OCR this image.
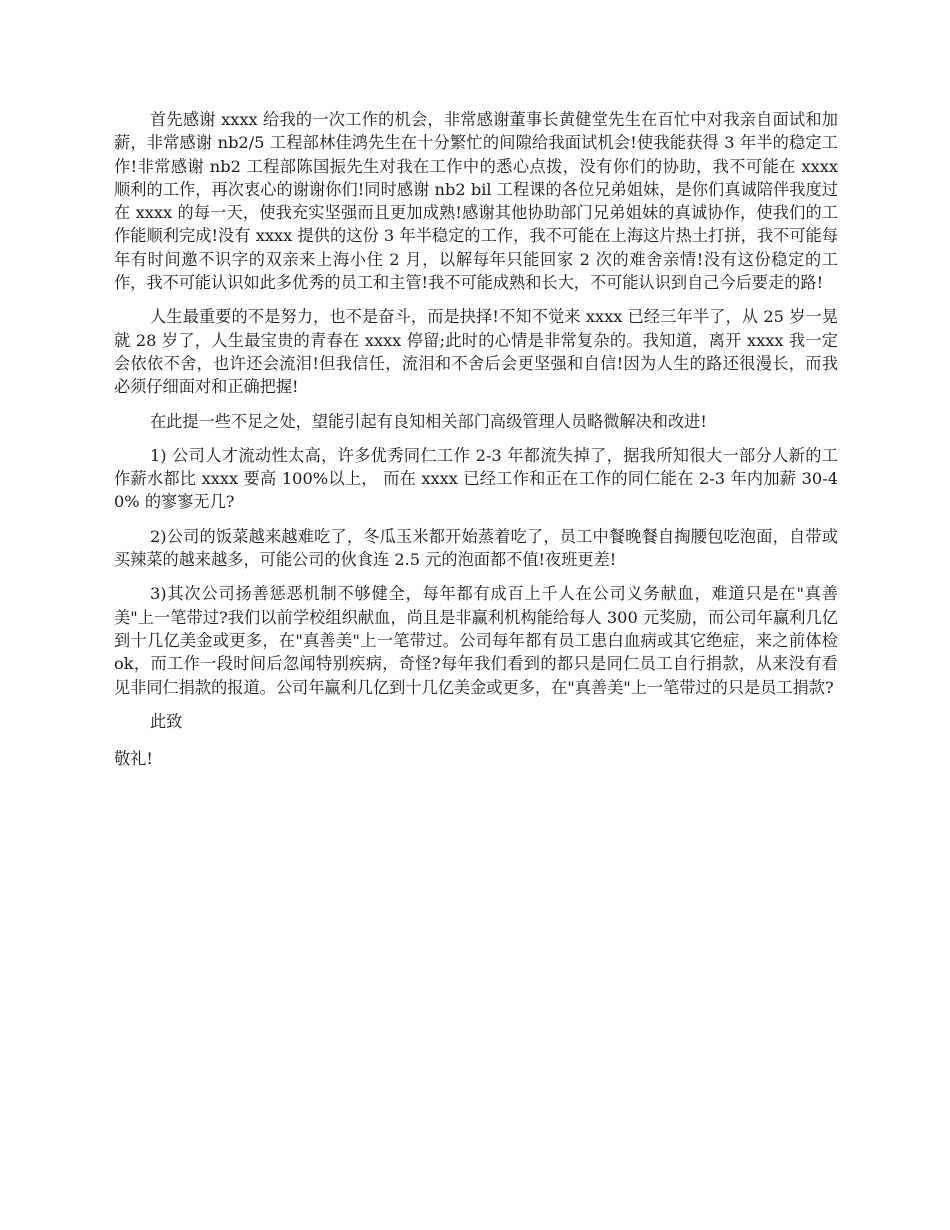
首先感谢 xxxx 给我的一次工作的机会，非常感谢董事长黄健堂先生在百忙中对我亲自面试和加薪，非常感谢 nb2/5 工程部林佳鸿先生在十分繁忙的间隙给我面试机会!使我能获得 3 年半的稳定工作!非常感谢 nb2 工程部陈国振先生对我在工作中的悉心点拨，没有你们的协助，我不可能在 xxxx 顺利的工作，再次衷心的谢谢你们!同时感谢 nb2 bil 工程课的各位兄弟姐妹，是你们真诚陪伴我度过在 xxxx 的每一天，使我充实坚强而且更加成熟!感谢其他协助部门兄弟姐妹的真诚协作，使我们的工作能顺利完成!没有 xxxx 提供的这份 3 年半稳定的工作，我不可能在上海这片热土打拼，我不可能每年有时间邀不识字的双亲来上海小住 2 月，以解每年只能回家 2 次的难舍亲情!没有这份稳定的工作，我不可能认识如此多优秀的员工和主管!我不可能成熟和长大，不可能认识到自己今后要走的路!

人生最重要的不是努力，也不是奋斗，而是抉择!不知不觉来 xxxx 已经三年半了，从 25 岁一晃就 28 岁了，人生最宝贵的青春在 xxxx 停留;此时的心情是非常复杂的。我知道，离开 xxxx 我一定会依依不舍，也许还会流泪!但我信任，流泪和不舍后会更坚强和自信!因为人生的路还很漫长，而我必须仔细面对和正确把握!

在此提一些不足之处，望能引起有良知相关部门高级管理人员略微解决和改进!

1) 公司人才流动性太高，许多优秀同仁工作 2-3 年都流失掉了，据我所知很大一部分人新的工作薪水都比 xxxx 要高 100%以上， 而在 xxxx 已经工作和正在工作的同仁能在 2-3 年内加薪 30-40% 的寥寥无几?

2)公司的饭菜越来越难吃了，冬瓜玉米都开始蒸着吃了，员工中餐晚餐自掏腰包吃泡面，自带或买辣菜的越来越多，可能公司的伙食连 2.5 元的泡面都不值!夜班更差!

3)其次公司扬善惩恶机制不够健全，每年都有成百上千人在公司义务献血，难道只是在"真善美"上一笔带过?我们以前学校组织献血，尚且是非赢利机构能给每人 300 元奖励，而公司年赢利几亿到十几亿美金或更多，在"真善美"上一笔带过。公司每年都有员工患白血病或其它绝症，来之前体检 ok，而工作一段时间后忽闻特别疾病，奇怪?每年我们看到的都只是同仁员工自行捐款，从来没有看见非同仁捐款的报道。公司年赢利几亿到十几亿美金或更多，在"真善美"上一笔带过的只是员工捐款?

此致

敬礼!
